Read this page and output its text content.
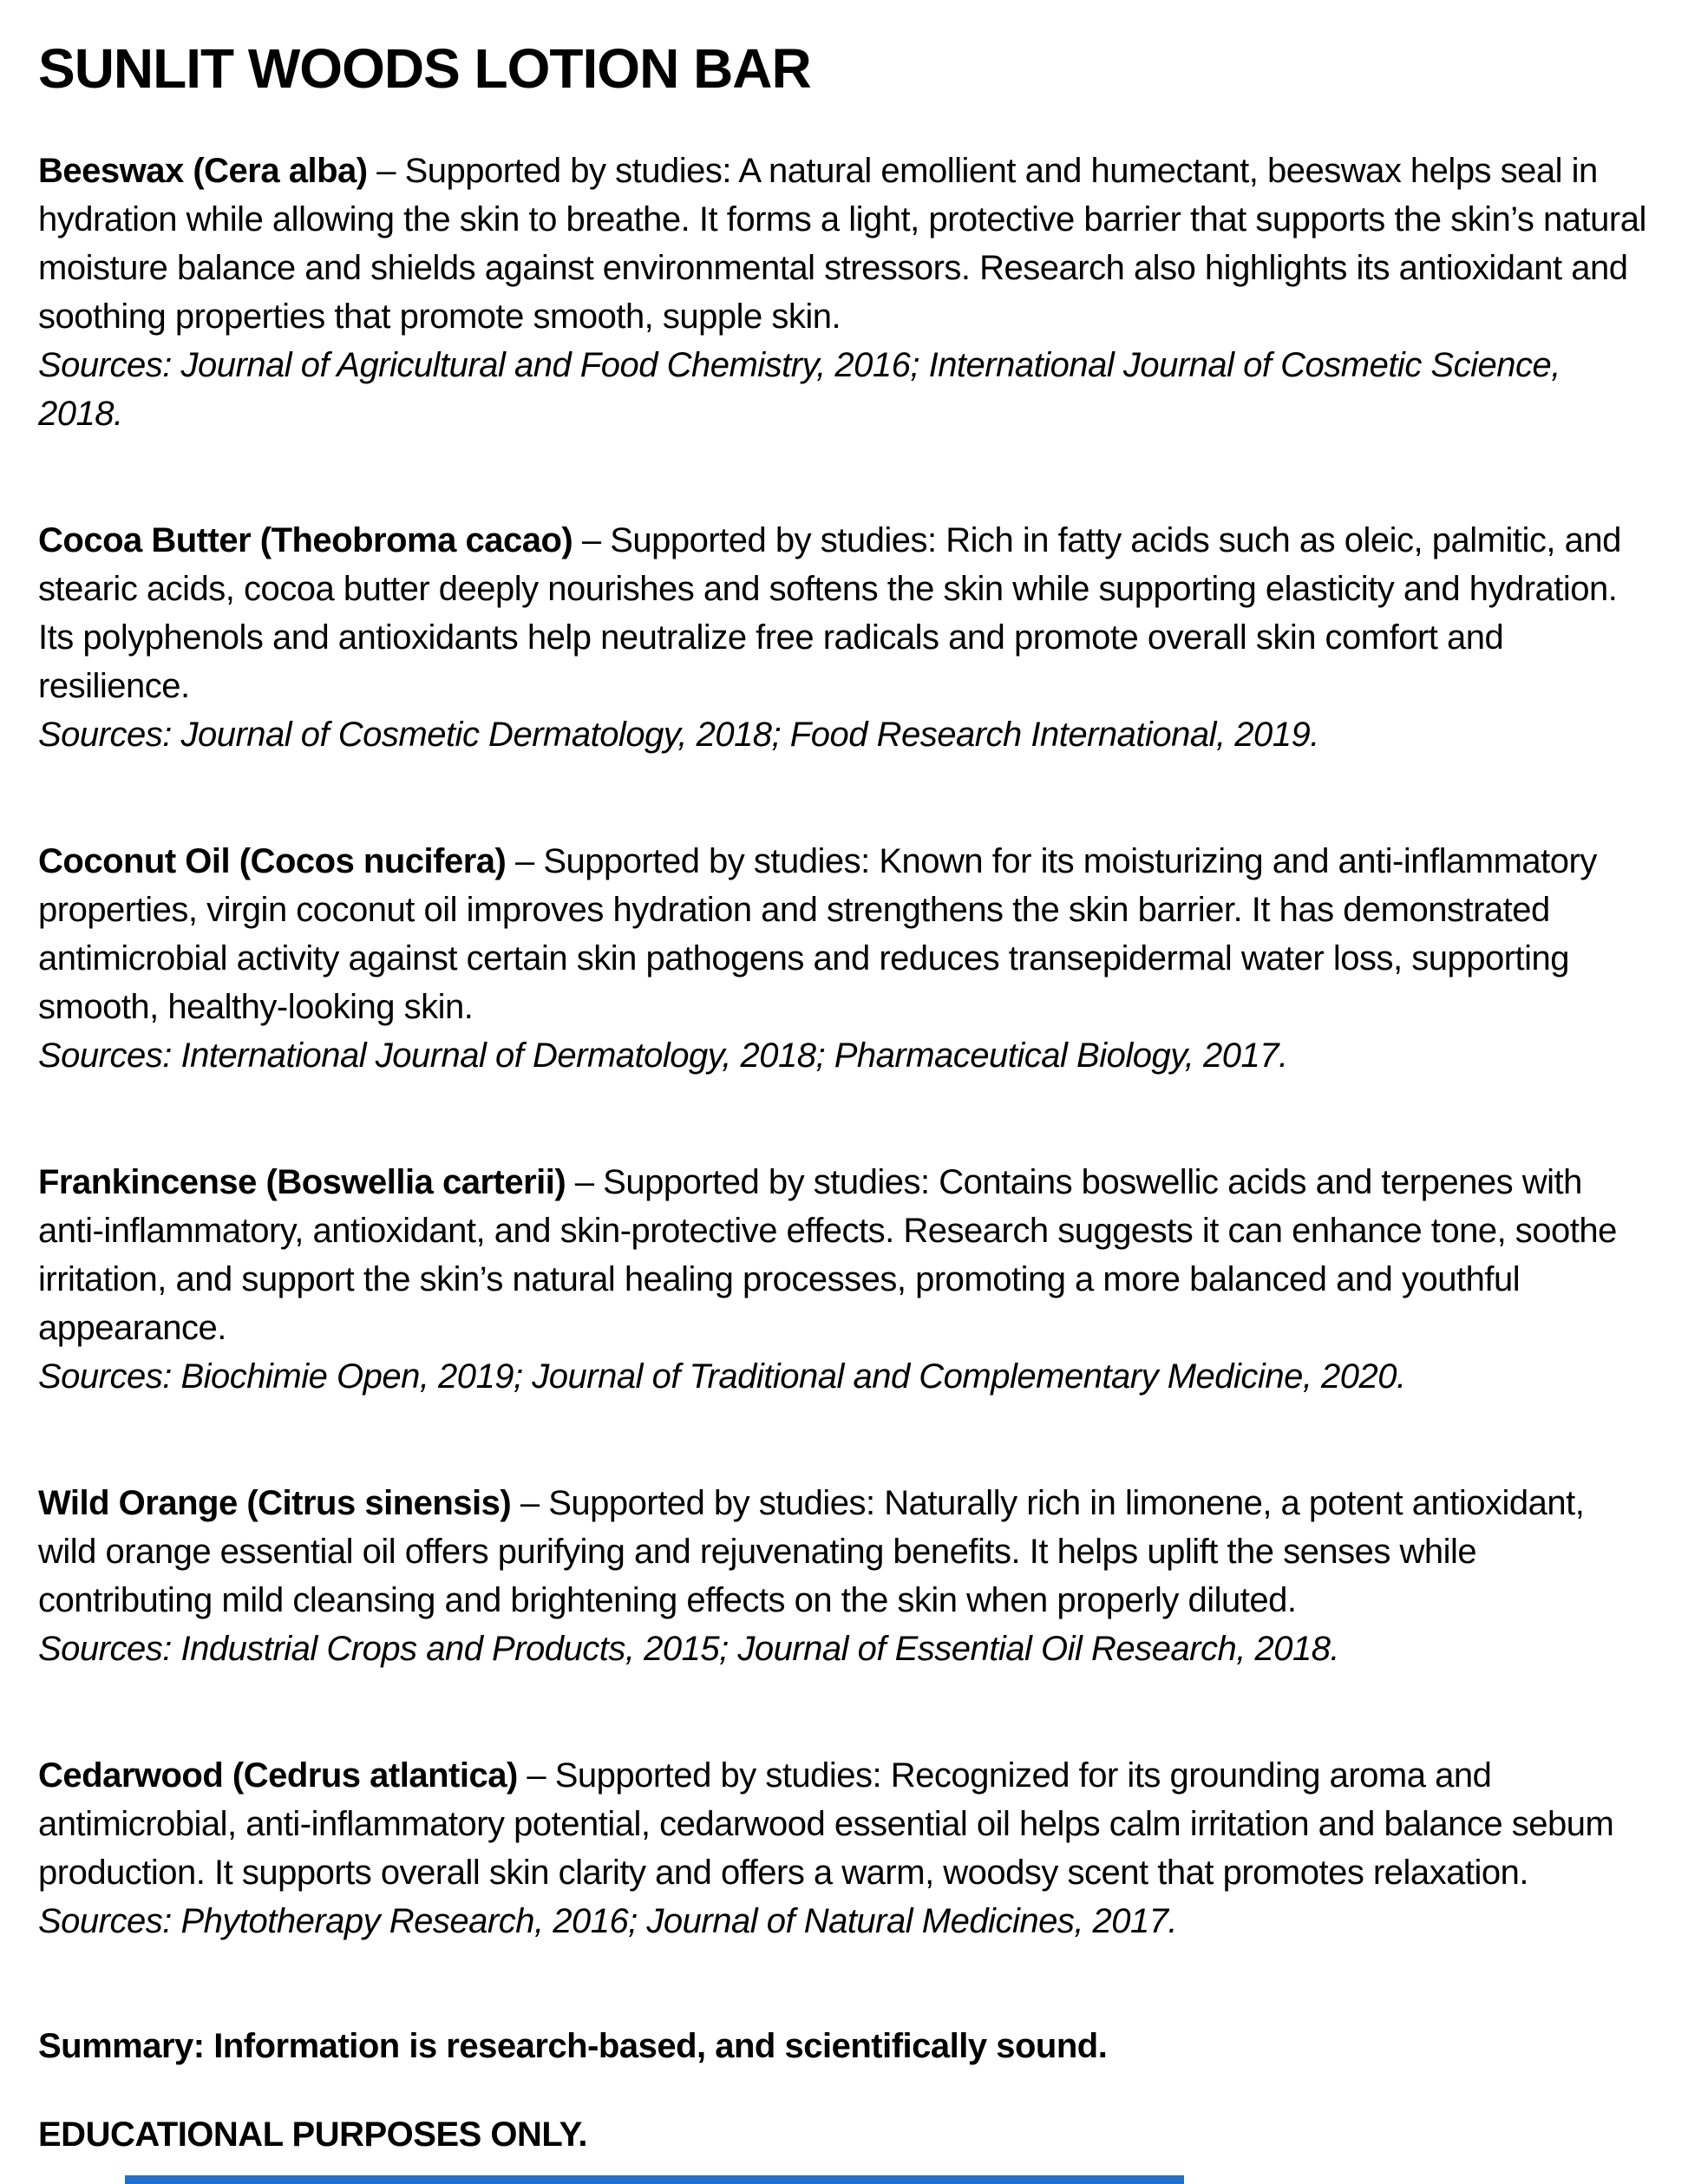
SUNLIT WOODS LOTION BAR

Beeswax (Cera alba) – Supported by studies: A natural emollient and humectant, beeswax helps seal in hydration while allowing the skin to breathe. It forms a light, protective barrier that supports the skin’s natural moisture balance and shields against environmental stressors. Research also highlights its antioxidant and soothing properties that promote smooth, supple skin.

Sources: Journal of Agricultural and Food Chemistry, 2016; International Journal of Cosmetic Science, 2018.

Cocoa Butter (Theobroma cacao) – Supported by studies: Rich in fatty acids such as oleic, palmitic, and stearic acids, cocoa butter deeply nourishes and softens the skin while supporting elasticity and hydration. Its polyphenols and antioxidants help neutralize free radicals and promote overall skin comfort and resilience.

Sources: Journal of Cosmetic Dermatology, 2018; Food Research International, 2019.

Coconut Oil (Cocos nucifera) – Supported by studies: Known for its moisturizing and anti-inflammatory properties, virgin coconut oil improves hydration and strengthens the skin barrier. It has demonstrated antimicrobial activity against certain skin pathogens and reduces transepidermal water loss, supporting smooth, healthy-looking skin.

Sources: International Journal of Dermatology, 2018; Pharmaceutical Biology, 2017.

Frankincense (Boswellia carterii) – Supported by studies: Contains boswellic acids and terpenes with anti-inflammatory, antioxidant, and skin-protective effects. Research suggests it can enhance tone, soothe irritation, and support the skin’s natural healing processes, promoting a more balanced and youthful appearance.

Sources: Biochimie Open, 2019; Journal of Traditional and Complementary Medicine, 2020.

Wild Orange (Citrus sinensis) – Supported by studies: Naturally rich in limonene, a potent antioxidant, wild orange essential oil offers purifying and rejuvenating benefits. It helps uplift the senses while contributing mild cleansing and brightening effects on the skin when properly diluted.

Sources: Industrial Crops and Products, 2015; Journal of Essential Oil Research, 2018.

Cedarwood (Cedrus atlantica) – Supported by studies: Recognized for its grounding aroma and antimicrobial, anti-inflammatory potential, cedarwood essential oil helps calm irritation and balance sebum production. It supports overall skin clarity and offers a warm, woodsy scent that promotes relaxation.

Sources: Phytotherapy Research, 2016; Journal of Natural Medicines, 2017.

Summary: Information is research-based, and scientifically sound.

EDUCATIONAL PURPOSES ONLY.
